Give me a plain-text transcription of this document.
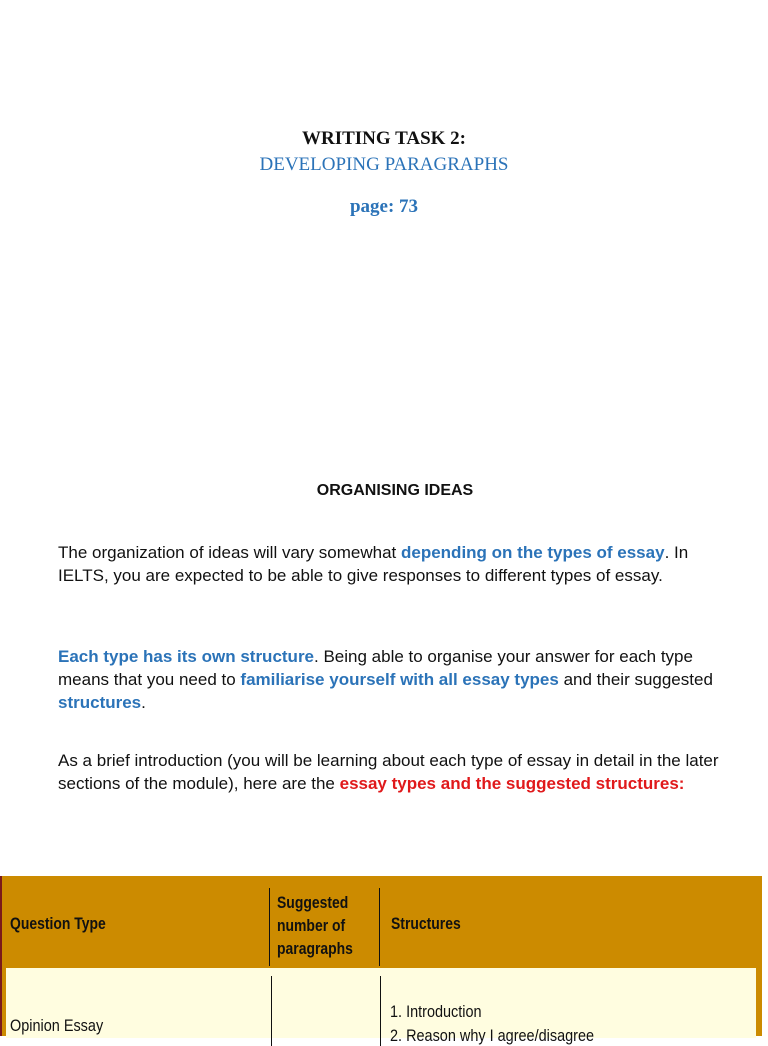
WRITING TASK 2:
DEVELOPING PARAGRAPHS
page: 73
ORGANISING IDEAS
The organization of ideas will vary somewhat depending on the types of essay. In IELTS, you are expected to be able to give responses to different types of essay.
Each type has its own structure. Being able to organise your answer for each type means that you need to familiarise yourself with all essay types and their suggested structures.
As a brief introduction (you will be learning about each type of essay in detail in the later sections of the module), here are the essay types and the suggested structures:
Question Type
Suggested
number of
paragraphs
Structures
Opinion Essay
1. Introduction
2. Reason why I agree/disagree
